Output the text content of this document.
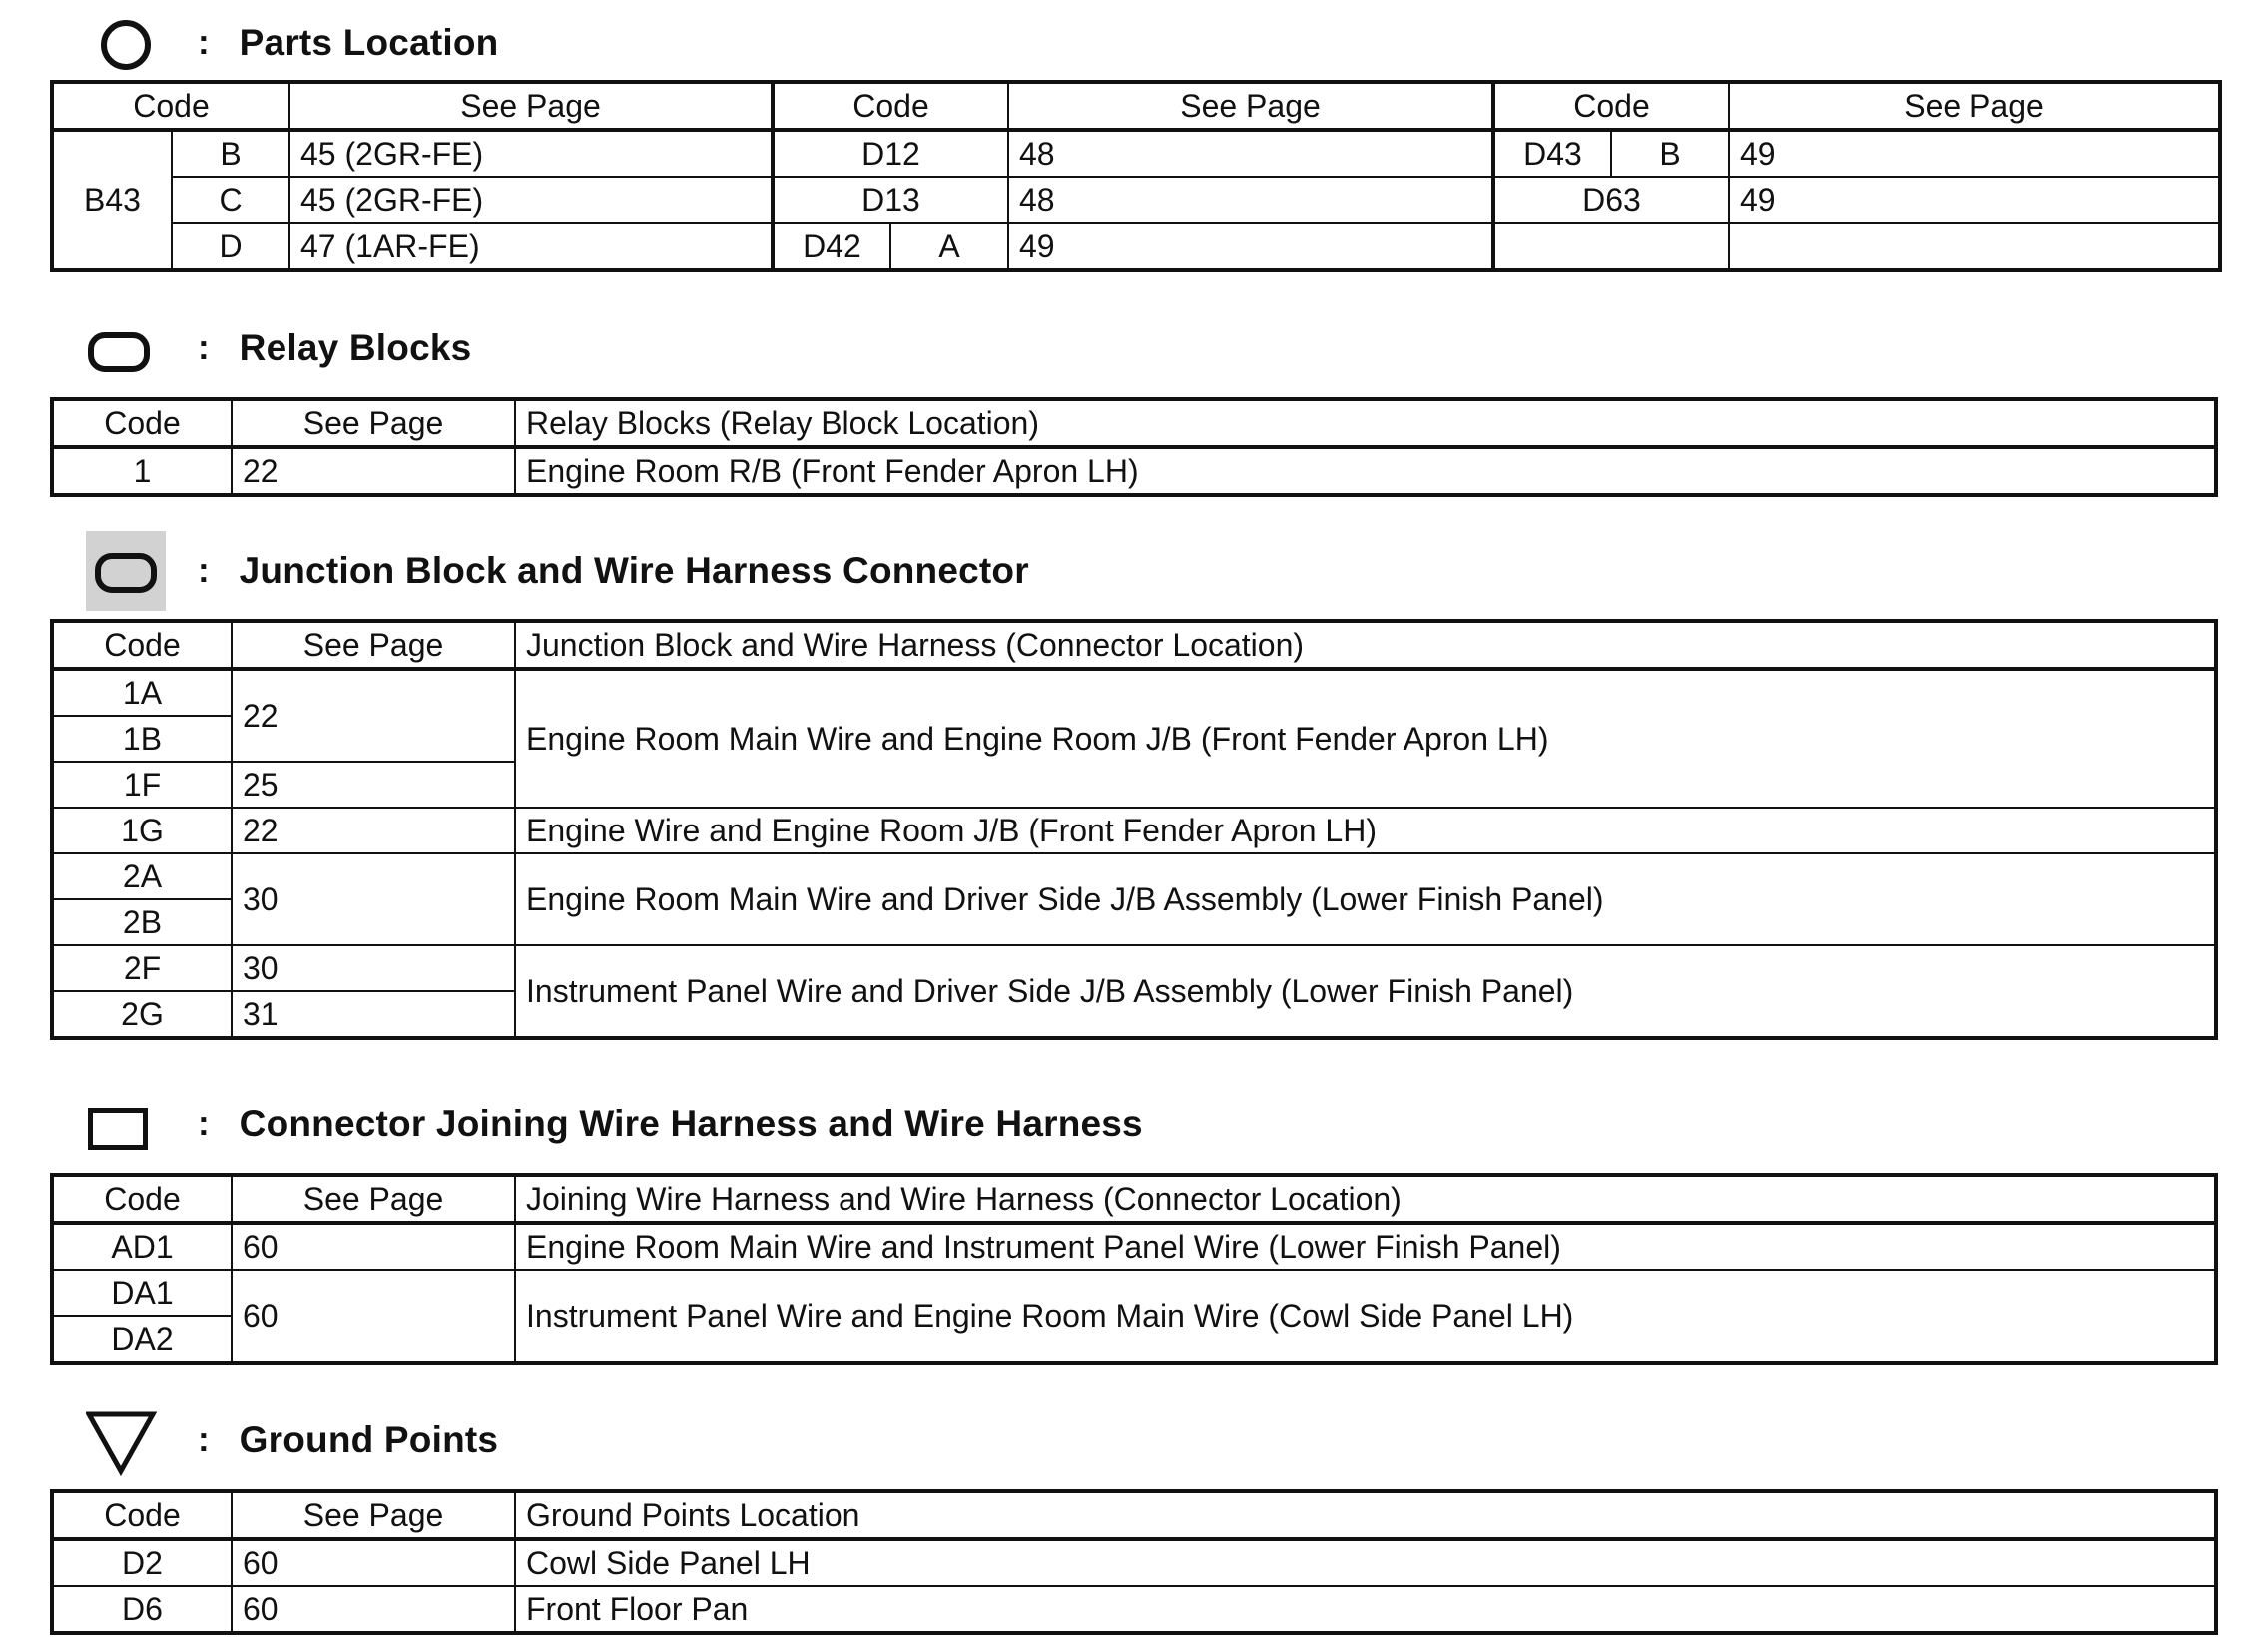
: Parts Location
Code		See Page	Code		See Page	Code		See Page
B43	B	45 (2GR-FE)	D12		48	D43	B	49
	C	45 (2GR-FE)	D13		48	D63		49
	D	47 (1AR-FE)	D42	A	49			
: Relay Blocks
Code	See Page	Relay Blocks (Relay Block Location)
1	22	Engine Room R/B (Front Fender Apron LH)
: Junction Block and Wire Harness Connector
Code	See Page	Junction Block and Wire Harness (Connector Location)
1A	22	Engine Room Main Wire and Engine Room J/B (Front Fender Apron LH)
1B		
1F	25	
1G	22	Engine Wire and Engine Room J/B (Front Fender Apron LH)
2A	30	Engine Room Main Wire and Driver Side J/B Assembly (Lower Finish Panel)
2B		
2F	30	Instrument Panel Wire and Driver Side J/B Assembly (Lower Finish Panel)
2G	31	
: Connector Joining Wire Harness and Wire Harness
Code	See Page	Joining Wire Harness and Wire Harness (Connector Location)
AD1	60	Engine Room Main Wire and Instrument Panel Wire (Lower Finish Panel)
DA1	60	Instrument Panel Wire and Engine Room Main Wire (Cowl Side Panel LH)
DA2		
: Ground Points
Code	See Page	Ground Points Location
D2	60	Cowl Side Panel LH
D6	60	Front Floor Pan
